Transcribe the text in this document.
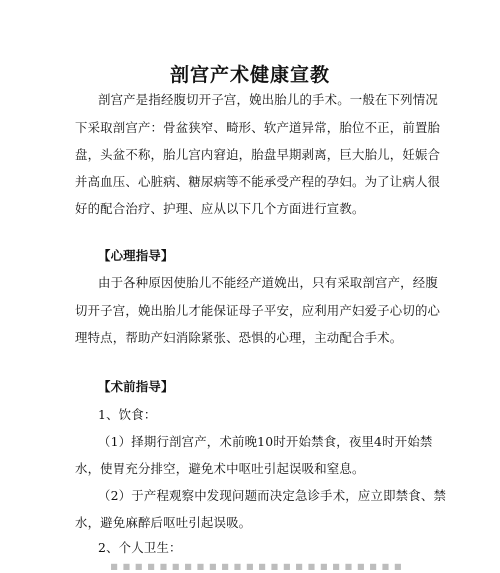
剖宫产术健康宣教
剖宫产是指经腹切开子宫，娩出胎儿的手术。一般在下列情况
下采取剖宫产：骨盆狭窄、畸形、软产道异常，胎位不正，前置胎
盘，头盆不称，胎儿宫内窘迫，胎盘早期剥离，巨大胎儿，妊娠合
并高血压、心脏病、糖尿病等不能承受产程的孕妇。为了让病人很
好的配合治疗、护理、应从以下几个方面进行宣教。
【心理指导】
由于各种原因使胎儿不能经产道娩出，只有采取剖宫产，经腹
切开子宫，娩出胎儿才能保证母子平安，应利用产妇爱子心切的心
理特点，帮助产妇消除紧张、恐惧的心理，主动配合手术。
【术前指导】
1、饮食：
（1）择期行剖宫产，术前晚10时开始禁食，夜里4时开始禁
水，使胃充分排空，避免术中呕吐引起误吸和窒息。
（2）于产程观察中发现问题而决定急诊手术，应立即禁食、禁
水，避免麻醉后呕吐引起误吸。
2、个人卫生：
▪ ▪ ▪ ▪ ▪ ▪ ▪ ▪ ▪ ▪ ▪ ▪ ▪ ▪ ▪ ▪ ▪ ▪ ▪ ▪ ▪ ▪ ▪ ▪
